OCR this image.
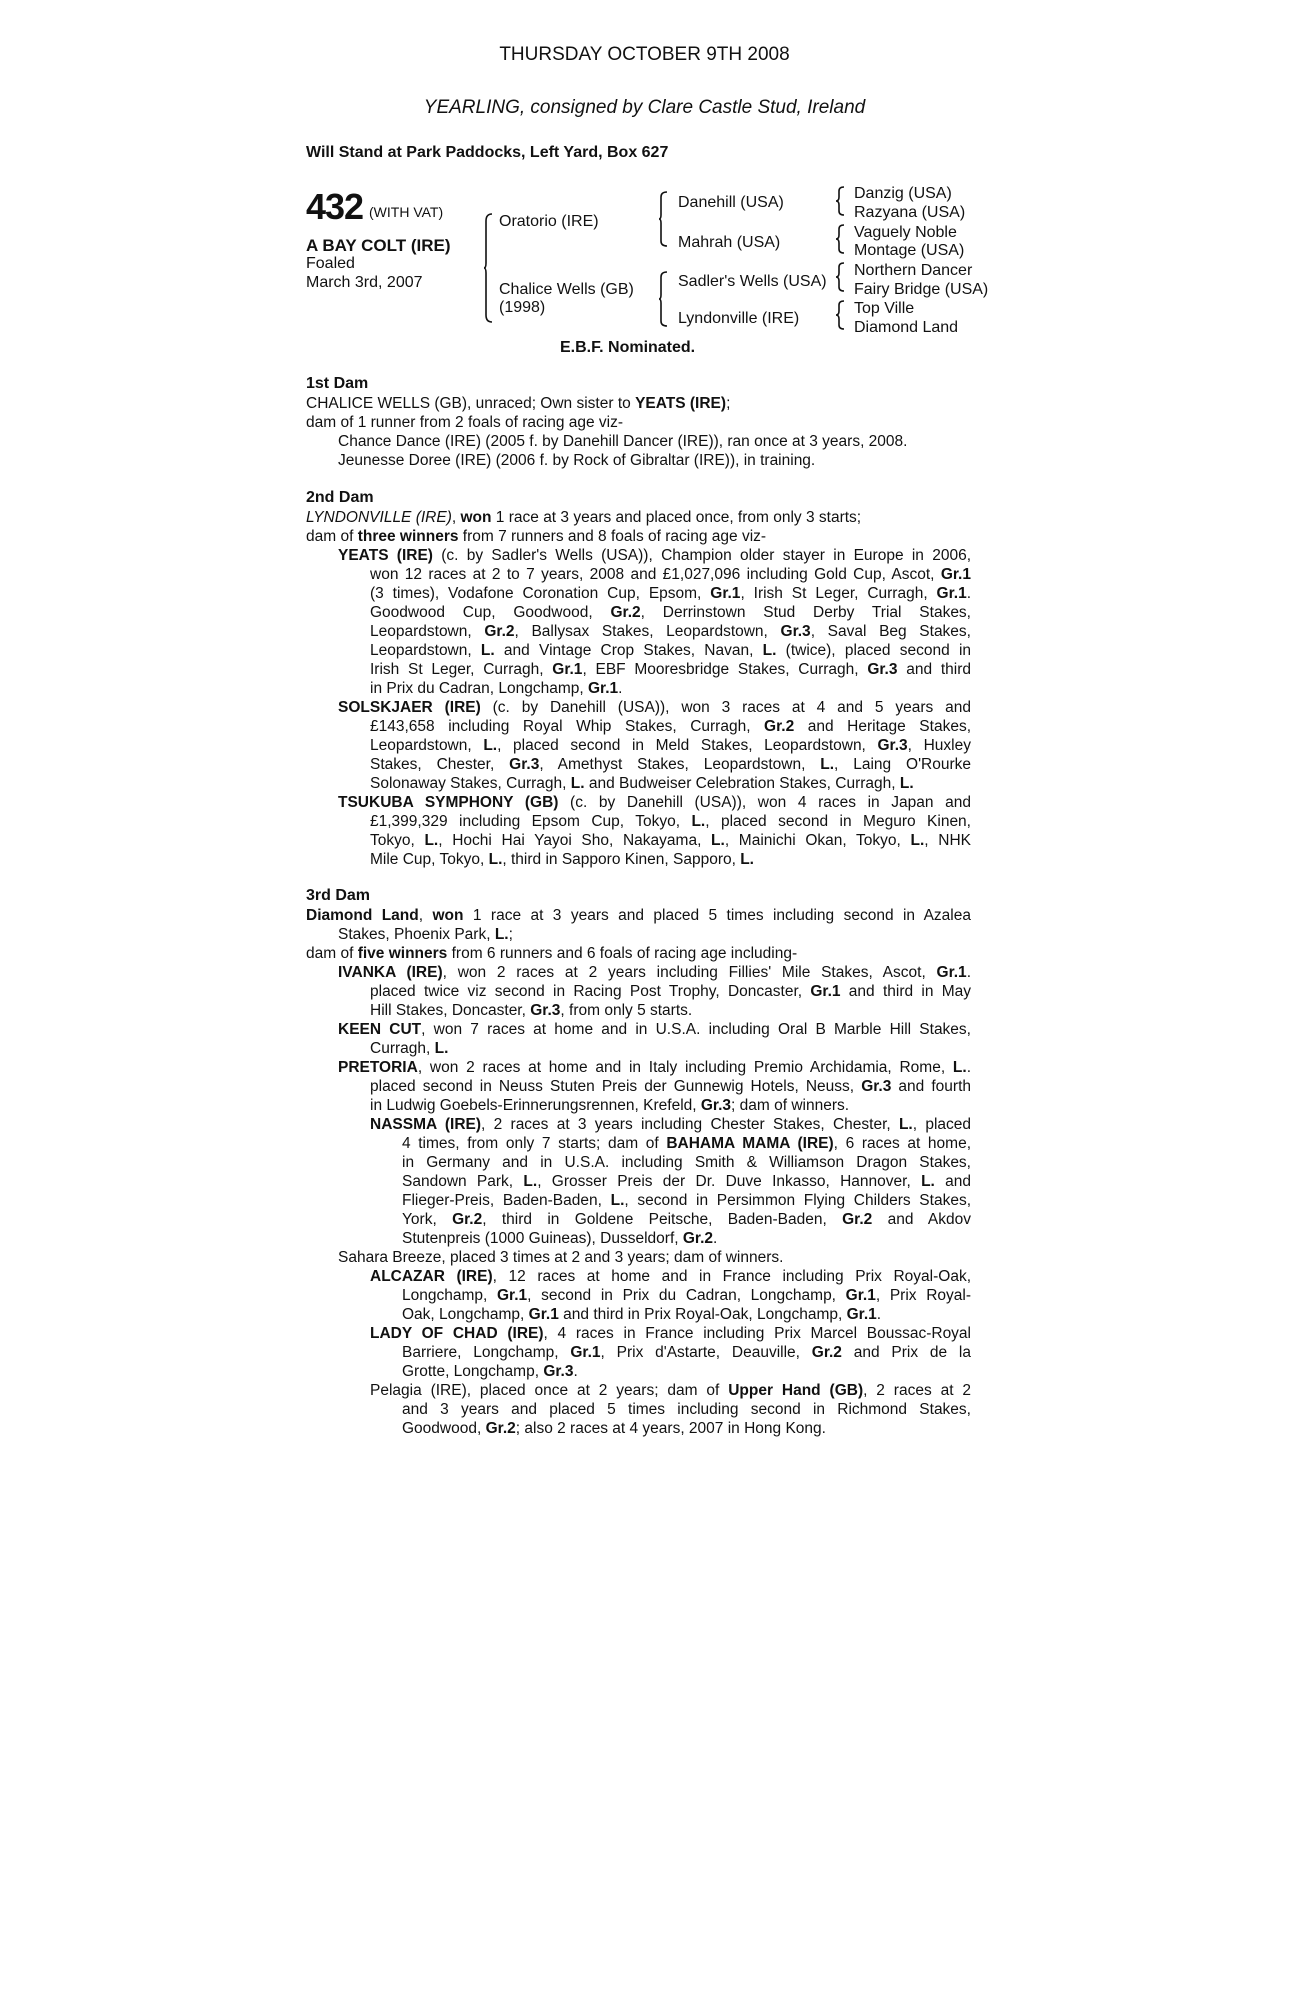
THURSDAY OCTOBER 9TH 2008
YEARLING, consigned by Clare Castle Stud, Ireland
Will Stand at Park Paddocks, Left Yard, Box 627
432 (WITH VAT)
A BAY COLT (IRE)
Foaled
March 3rd, 2007
Oratorio (IRE)
Chalice Wells (GB)
(1998)
Danehill (USA)
Mahrah (USA)
Sadler's Wells (USA)
Lyndonville (IRE)
Danzig (USA)
Razyana (USA)
Vaguely Noble
Montage (USA)
Northern Dancer
Fairy Bridge (USA)
Top Ville
Diamond Land
E.B.F. Nominated.
1st Dam
CHALICE WELLS (GB), unraced; Own sister to YEATS (IRE);
dam of 1 runner from 2 foals of racing age viz-
Chance Dance (IRE) (2005 f. by Danehill Dancer (IRE)), ran once at 3 years, 2008.
Jeunesse Doree (IRE) (2006 f. by Rock of Gibraltar (IRE)), in training.
2nd Dam
LYNDONVILLE (IRE), won 1 race at 3 years and placed once, from only 3 starts;
dam of three winners from 7 runners and 8 foals of racing age viz-
YEATS (IRE) (c. by Sadler's Wells (USA)), Champion older stayer in Europe in 2006,
won 12 races at 2 to 7 years, 2008 and £1,027,096 including Gold Cup, Ascot, Gr.1
(3 times), Vodafone Coronation Cup, Epsom, Gr.1, Irish St Leger, Curragh, Gr.1.
Goodwood Cup, Goodwood, Gr.2, Derrinstown Stud Derby Trial Stakes,
Leopardstown, Gr.2, Ballysax Stakes, Leopardstown, Gr.3, Saval Beg Stakes,
Leopardstown, L. and Vintage Crop Stakes, Navan, L. (twice), placed second in
Irish St Leger, Curragh, Gr.1, EBF Mooresbridge Stakes, Curragh, Gr.3 and third
in Prix du Cadran, Longchamp, Gr.1.
SOLSKJAER (IRE) (c. by Danehill (USA)), won 3 races at 4 and 5 years and
£143,658 including Royal Whip Stakes, Curragh, Gr.2 and Heritage Stakes,
Leopardstown, L., placed second in Meld Stakes, Leopardstown, Gr.3, Huxley
Stakes, Chester, Gr.3, Amethyst Stakes, Leopardstown, L., Laing O'Rourke
Solonaway Stakes, Curragh, L. and Budweiser Celebration Stakes, Curragh, L.
TSUKUBA SYMPHONY (GB) (c. by Danehill (USA)), won 4 races in Japan and
£1,399,329 including Epsom Cup, Tokyo, L., placed second in Meguro Kinen,
Tokyo, L., Hochi Hai Yayoi Sho, Nakayama, L., Mainichi Okan, Tokyo, L., NHK
Mile Cup, Tokyo, L., third in Sapporo Kinen, Sapporo, L.
3rd Dam
Diamond Land, won 1 race at 3 years and placed 5 times including second in Azalea
Stakes, Phoenix Park, L.;
dam of five winners from 6 runners and 6 foals of racing age including-
IVANKA (IRE), won 2 races at 2 years including Fillies' Mile Stakes, Ascot, Gr.1.
placed twice viz second in Racing Post Trophy, Doncaster, Gr.1 and third in May
Hill Stakes, Doncaster, Gr.3, from only 5 starts.
KEEN CUT, won 7 races at home and in U.S.A. including Oral B Marble Hill Stakes,
Curragh, L.
PRETORIA, won 2 races at home and in Italy including Premio Archidamia, Rome, L..
placed second in Neuss Stuten Preis der Gunnewig Hotels, Neuss, Gr.3 and fourth
in Ludwig Goebels-Erinnerungsrennen, Krefeld, Gr.3; dam of winners.
NASSMA (IRE), 2 races at 3 years including Chester Stakes, Chester, L., placed
4 times, from only 7 starts; dam of BAHAMA MAMA (IRE), 6 races at home,
in Germany and in U.S.A. including Smith & Williamson Dragon Stakes,
Sandown Park, L., Grosser Preis der Dr. Duve Inkasso, Hannover, L. and
Flieger-Preis, Baden-Baden, L., second in Persimmon Flying Childers Stakes,
York, Gr.2, third in Goldene Peitsche, Baden-Baden, Gr.2 and Akdov
Stutenpreis (1000 Guineas), Dusseldorf, Gr.2.
Sahara Breeze, placed 3 times at 2 and 3 years; dam of winners.
ALCAZAR (IRE), 12 races at home and in France including Prix Royal-Oak,
Longchamp, Gr.1, second in Prix du Cadran, Longchamp, Gr.1, Prix Royal-
Oak, Longchamp, Gr.1 and third in Prix Royal-Oak, Longchamp, Gr.1.
LADY OF CHAD (IRE), 4 races in France including Prix Marcel Boussac-Royal
Barriere, Longchamp, Gr.1, Prix d'Astarte, Deauville, Gr.2 and Prix de la
Grotte, Longchamp, Gr.3.
Pelagia (IRE), placed once at 2 years; dam of Upper Hand (GB), 2 races at 2
and 3 years and placed 5 times including second in Richmond Stakes,
Goodwood, Gr.2; also 2 races at 4 years, 2007 in Hong Kong.
